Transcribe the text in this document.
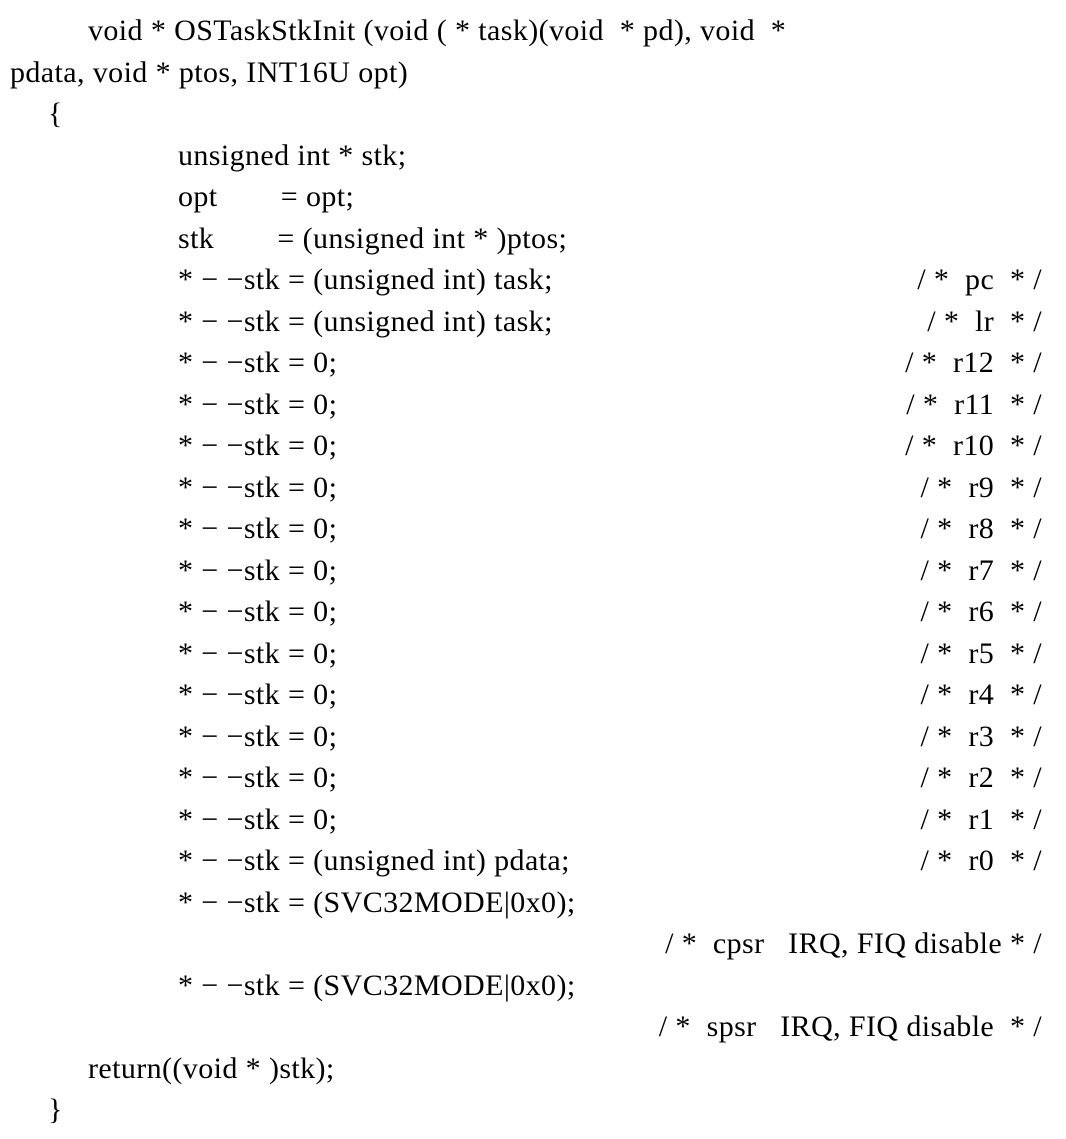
void * OSTaskStkInit (void ( * task)(void  * pd), void  *
pdata, void * ptos, INT16U opt)
{
unsigned int * stk;
opt        = opt;
stk        = (unsigned int * )ptos;
* − −stk = (unsigned int) task;	/ *  pc  * /
* − −stk = (unsigned int) task;	/ *  lr  * /
* − −stk = 0;	/ *  r12  * /
* − −stk = 0;	/ *  r11  * /
* − −stk = 0;	/ *  r10  * /
* − −stk = 0;	/ *  r9  * /
* − −stk = 0;	/ *  r8  * /
* − −stk = 0;	/ *  r7  * /
* − −stk = 0;	/ *  r6  * /
* − −stk = 0;	/ *  r5  * /
* − −stk = 0;	/ *  r4  * /
* − −stk = 0;	/ *  r3  * /
* − −stk = 0;	/ *  r2  * /
* − −stk = 0;	/ *  r1  * /
* − −stk = (unsigned int) pdata;	/ *  r0  * /
* − −stk = (SVC32MODE|0x0);
/ *  cpsr   IRQ, FIQ disable * /
* − −stk = (SVC32MODE|0x0);
/ *  spsr   IRQ, FIQ disable  * /
return((void * )stk);
}
